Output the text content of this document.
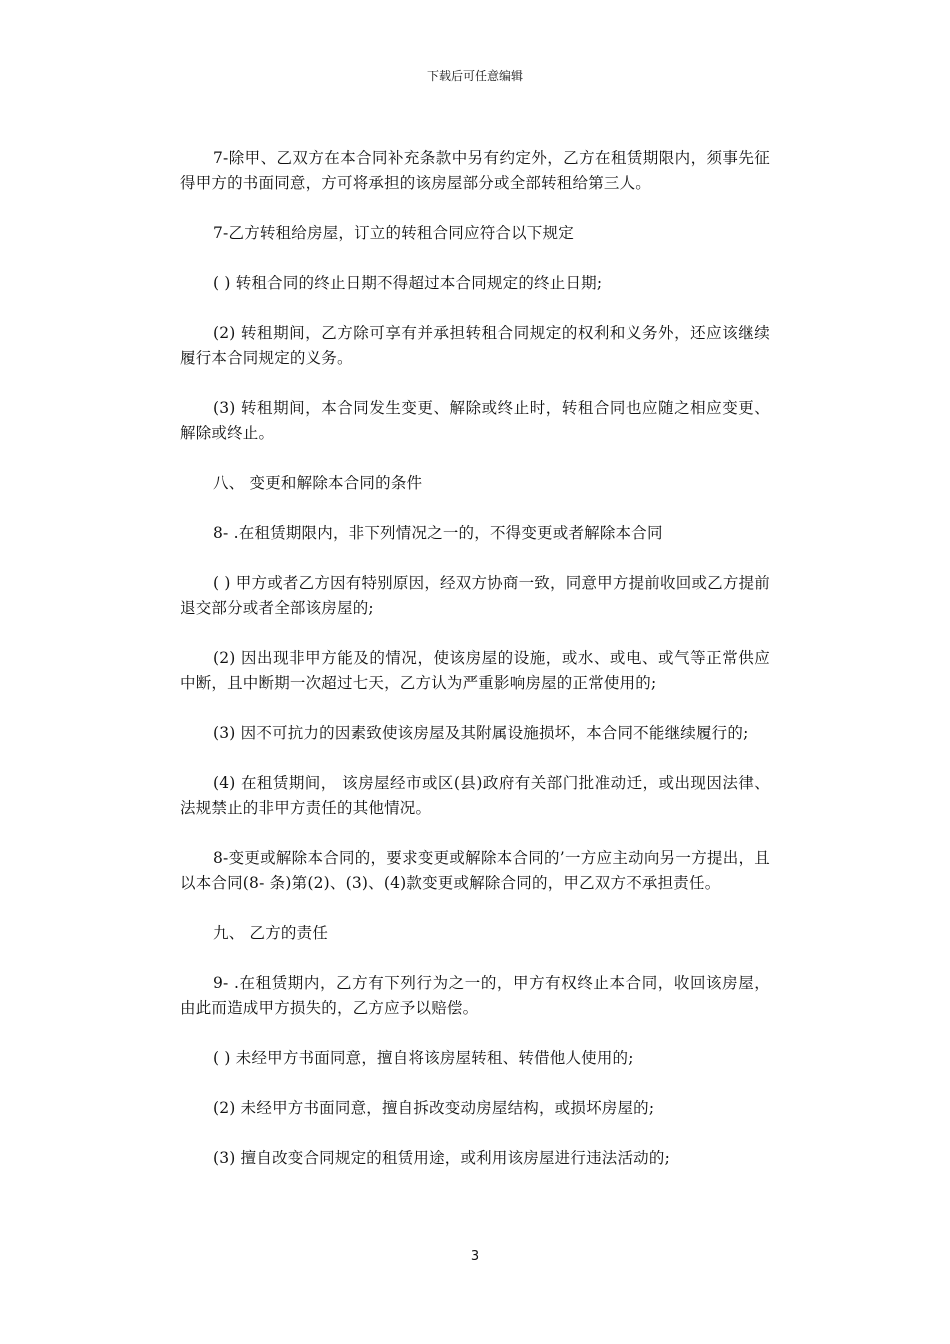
下载后可任意编辑

7-除甲、乙双方在本合同补充条款中另有约定外，乙方在租赁期限内，须事先征得甲方的书面同意，方可将承担的该房屋部分或全部转租给第三人。

7-乙方转租给房屋，订立的转租合同应符合以下规定

( ) 转租合同的终止日期不得超过本合同规定的终止日期;

(2) 转租期间，乙方除可享有并承担转租合同规定的权利和义务外，还应该继续履行本合同规定的义务。

(3) 转租期间，本合同发生变更、解除或终止时，转租合同也应随之相应变更、解除或终止。

八、 变更和解除本合同的条件

8- .在租赁期限内，非下列情况之一的，不得变更或者解除本合同

( ) 甲方或者乙方因有特别原因，经双方协商一致，同意甲方提前收回或乙方提前退交部分或者全部该房屋的;

(2) 因出现非甲方能及的情况，使该房屋的设施，或水、或电、或气等正常供应中断，且中断期一次超过七天，乙方认为严重影响房屋的正常使用的;

(3) 因不可抗力的因素致使该房屋及其附属设施损坏，本合同不能继续履行的;

(4) 在租赁期间， 该房屋经市或区(县)政府有关部门批准动迁，或出现因法律、法规禁止的非甲方责任的其他情况。

8-变更或解除本合同的，要求变更或解除本合同的’一方应主动向另一方提出，且以本合同(8- 条)第(2)、(3)、(4)款变更或解除合同的，甲乙双方不承担责任。

九、 乙方的责任

9- .在租赁期内，乙方有下列行为之一的，甲方有权终止本合同，收回该房屋，由此而造成甲方损失的，乙方应予以赔偿。

( ) 未经甲方书面同意，擅自将该房屋转租、转借他人使用的;

(2) 未经甲方书面同意，擅自拆改变动房屋结构，或损坏房屋的;

(3) 擅自改变合同规定的租赁用途，或利用该房屋进行违法活动的;

3
